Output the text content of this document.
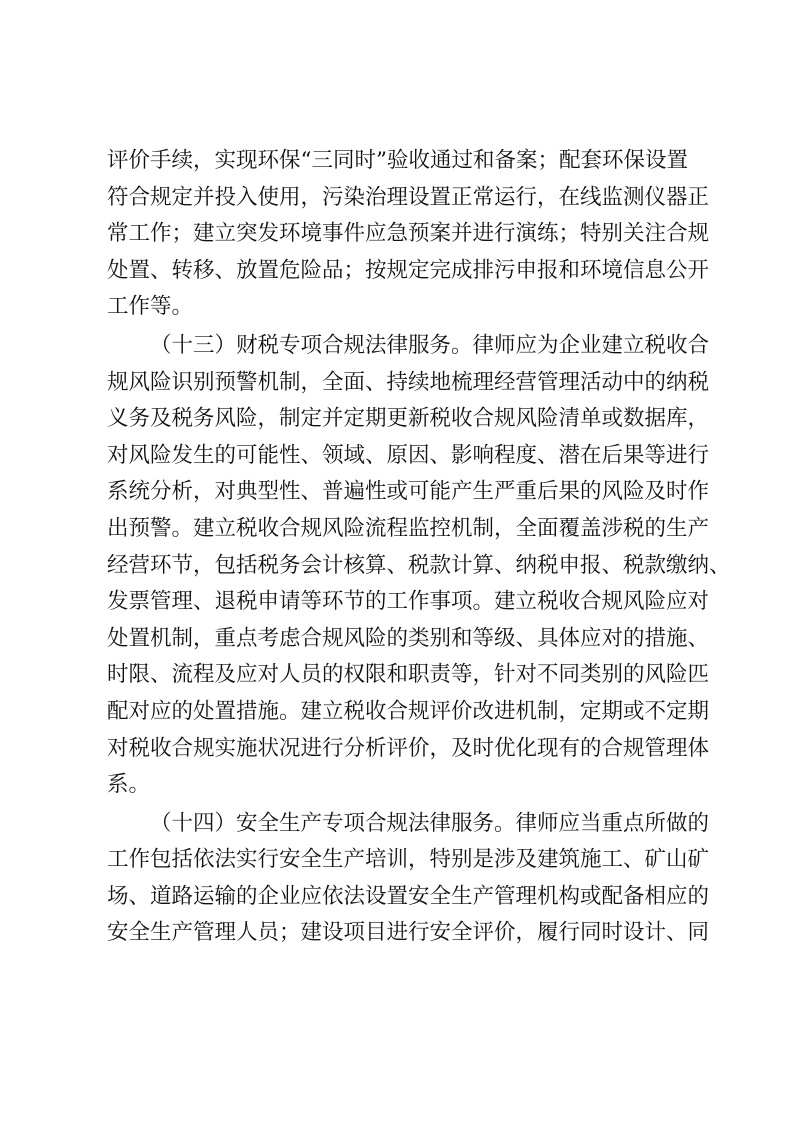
评价手续，实现环保“三同时”验收通过和备案；配套环保设置
符合规定并投入使用，污染治理设置正常运行，在线监测仪器正
常工作；建立突发环境事件应急预案并进行演练；特别关注合规
处置、转移、放置危险品；按规定完成排污申报和环境信息公开
工作等。
（十三）财税专项合规法律服务。律师应为企业建立税收合
规风险识别预警机制，全面、持续地梳理经营管理活动中的纳税
义务及税务风险，制定并定期更新税收合规风险清单或数据库，
对风险发生的可能性、领域、原因、影响程度、潜在后果等进行
系统分析，对典型性、普遍性或可能产生严重后果的风险及时作
出预警。建立税收合规风险流程监控机制，全面覆盖涉税的生产
经营环节，包括税务会计核算、税款计算、纳税申报、税款缴纳、
发票管理、退税申请等环节的工作事项。建立税收合规风险应对
处置机制，重点考虑合规风险的类别和等级、具体应对的措施、
时限、流程及应对人员的权限和职责等，针对不同类别的风险匹
配对应的处置措施。建立税收合规评价改进机制，定期或不定期
对税收合规实施状况进行分析评价，及时优化现有的合规管理体
系。
（十四）安全生产专项合规法律服务。律师应当重点所做的
工作包括依法实行安全生产培训，特别是涉及建筑施工、矿山矿
场、道路运输的企业应依法设置安全生产管理机构或配备相应的
安全生产管理人员；建设项目进行安全评价，履行同时设计、同
